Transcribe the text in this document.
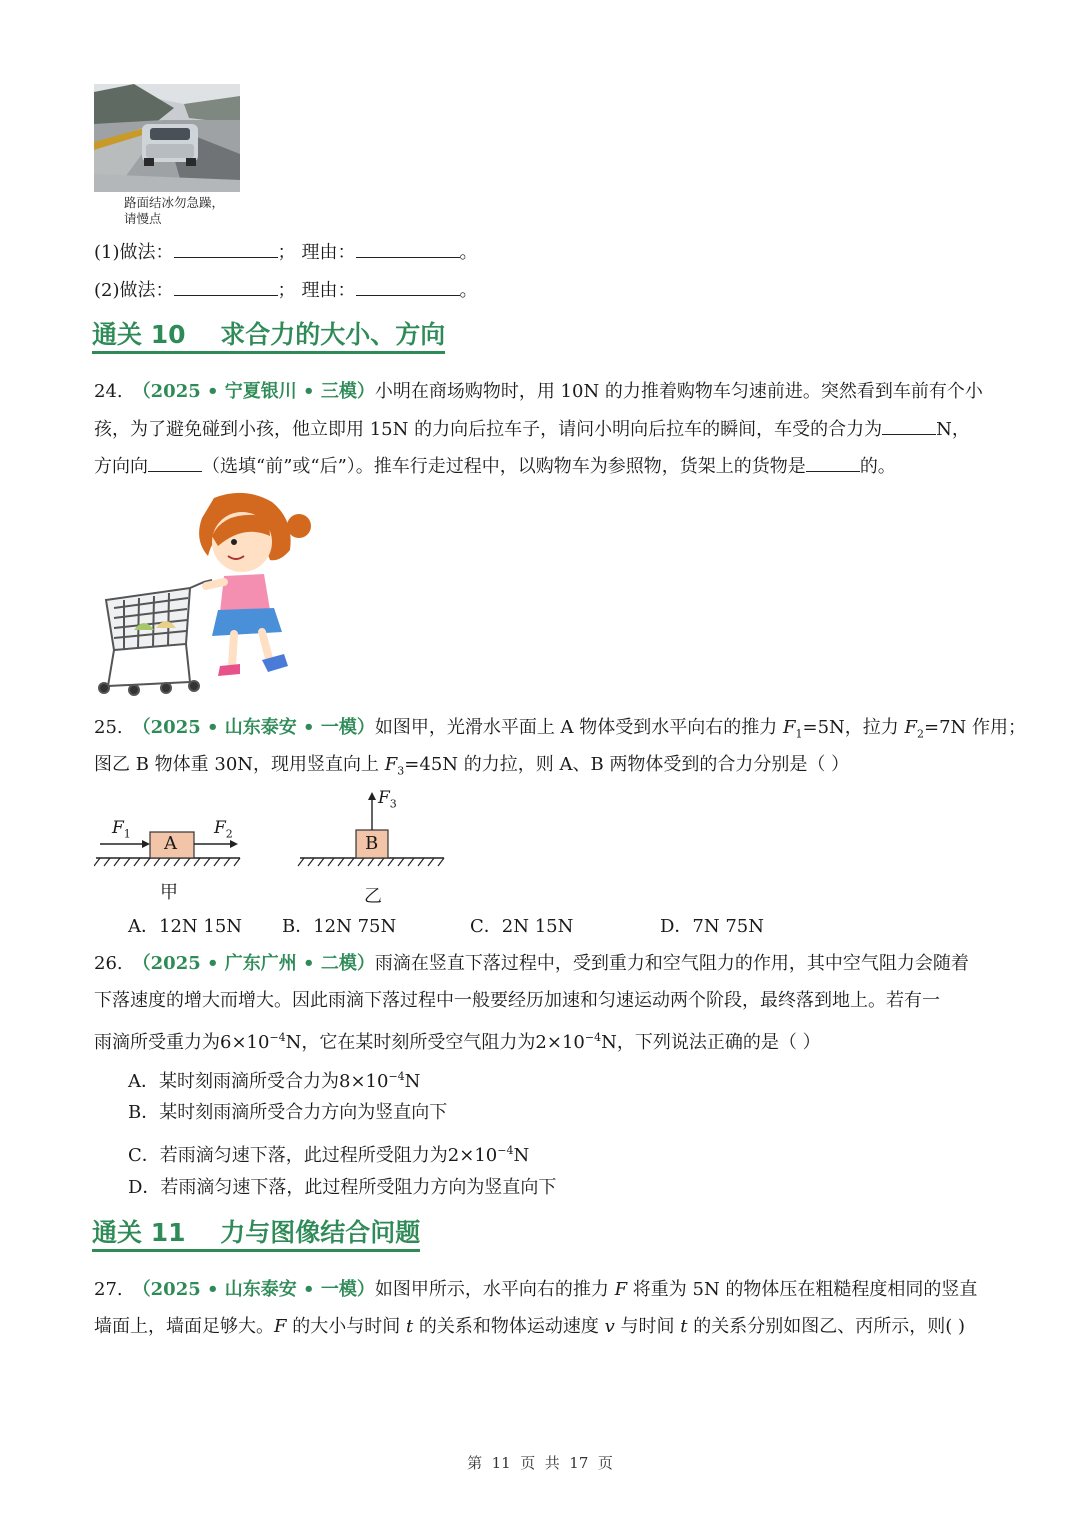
路面结冰勿急躁，
请慢点
(1)做法：	； 理由：	。
(2)做法：	； 理由：	。
通关 10    求合力的大小、方向
24. （2025 • 宁夏银川 • 三模）小明在商场购物时，用 10N 的力推着购物车匀速前进。突然看到车前有个小
孩，为了避免碰到小孩，他立即用 15N 的力向后拉车子，请问小明向后拉车的瞬间，车受的合力为	N，
方向向	（选填“前”或“后”）。推车行走过程中，以购物车为参照物，货架上的货物是	的。
25. （2025 • 山东泰安 • 一模）如图甲，光滑水平面上 A 物体受到水平向右的推力 $F_1=5N$，拉力 $F_2=7N$ 作用；
图乙 B 物体重 30N，现用竖直向上 $F_3=45N$ 的力拉，则 A、B 两物体受到的合力分别是（ ）
A	B
$F_1$	$F_2$
$F_3$
甲	乙
A．12N 15N B．12N 75N	C．2N 15N	D．7N 75N
26. （2025 • 广东广州 • 二模）雨滴在竖直下落过程中，受到重力和空气阻力的作用，其中空气阻力会随着
下落速度的增大而增大。因此雨滴下落过程中一般要经历加速和匀速运动两个阶段，最终落到地上。若有一
雨滴所受重力为$6\times 10^{-4}N$，它在某时刻所受空气阻力为$2\times 10^{-4}N$，下列说法正确的是（ ）
A．某时刻雨滴所受合力为$8\times 10^{-4}N$
B．某时刻雨滴所受合力方向为竖直向下
C．若雨滴匀速下落，此过程所受阻力为$2\times 10^{-4}N$
D．若雨滴匀速下落，此过程所受阻力方向为竖直向下
通关 11    力与图像结合问题
27. （2025 • 山东泰安 • 一模）如图甲所示，水平向右的推力 F 将重为 5N 的物体压在粗糙程度相同的竖直
墙面上，墙面足够大。F 的大小与时间 t 的关系和物体运动速度 v 与时间 t 的关系分别如图乙、丙所示，则( )
第  11  页  共  17  页
